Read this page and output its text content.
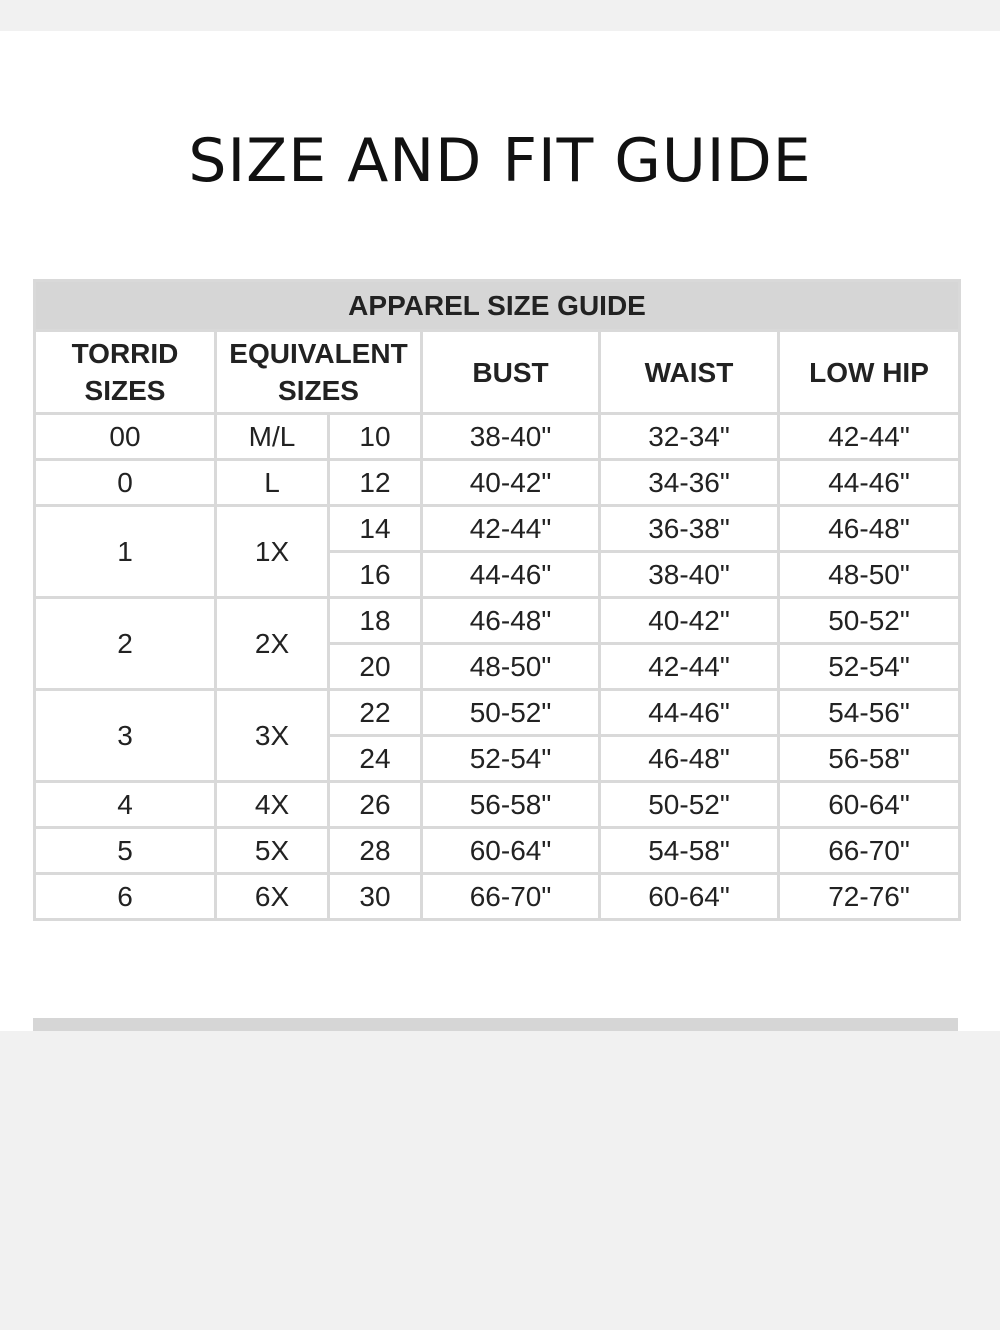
SIZE AND FIT GUIDE
APPAREL SIZE GUIDE					
TORRID SIZES	EQUIVALENT SIZES		BUST	WAIST	LOW HIP
00	M/L	10	38-40"	32-34"	42-44"
0	L	12	40-42"	34-36"	44-46"
1	1X	14	42-44"	36-38"	46-48"
		16	44-46"	38-40"	48-50"
2	2X	18	46-48"	40-42"	50-52"
		20	48-50"	42-44"	52-54"
3	3X	22	50-52"	44-46"	54-56"
		24	52-54"	46-48"	56-58"
4	4X	26	56-58"	50-52"	60-64"
5	5X	28	60-64"	54-58"	66-70"
6	6X	30	66-70"	60-64"	72-76"
